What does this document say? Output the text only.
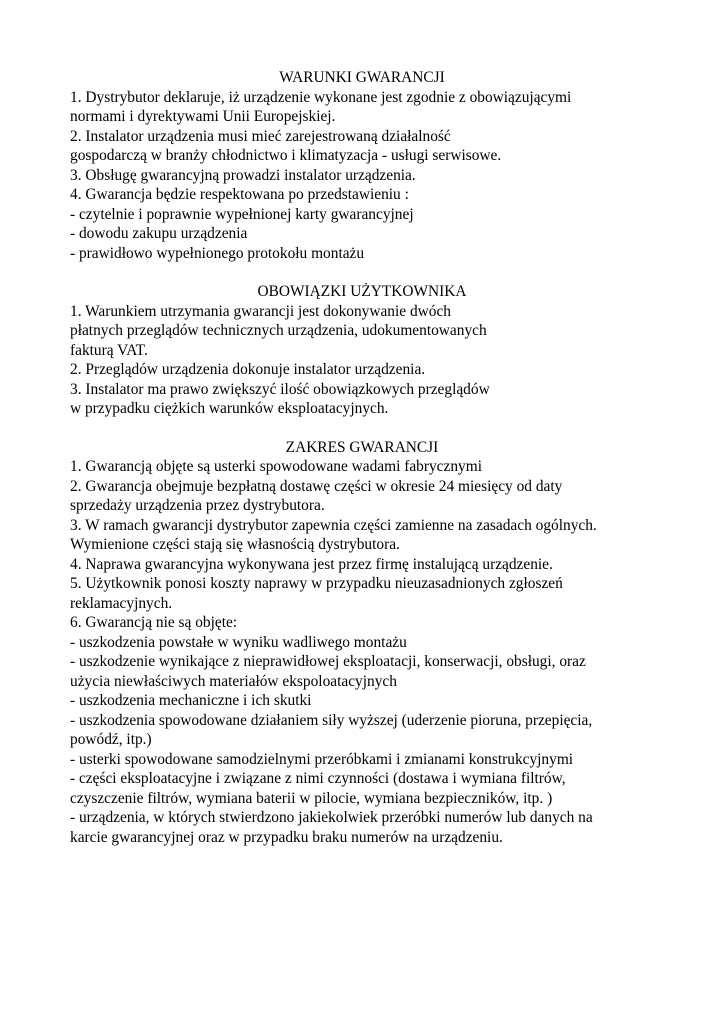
WARUNKI GWARANCJI
1. Dystrybutor deklaruje, iż urządzenie wykonane jest zgodnie z obowiązującymi
normami i dyrektywami Unii Europejskiej.
2. Instalator urządzenia musi mieć zarejestrowaną działalność
gospodarczą w branży chłodnictwo i klimatyzacja - usługi serwisowe.
3. Obsługę gwarancyjną prowadzi instalator urządzenia.
4. Gwarancja będzie respektowana po przedstawieniu :
- czytelnie i poprawnie wypełnionej karty gwarancyjnej
- dowodu zakupu urządzenia
- prawidłowo wypełnionego protokołu montażu
OBOWIĄZKI UŻYTKOWNIKA
1. Warunkiem utrzymania gwarancji jest dokonywanie dwóch
płatnych przeglądów technicznych urządzenia, udokumentowanych
fakturą VAT.
2. Przeglądów urządzenia dokonuje instalator urządzenia.
3. Instalator ma prawo zwiększyć ilość obowiązkowych przeglądów
w przypadku ciężkich warunków eksploatacyjnych.
ZAKRES GWARANCJI
1. Gwarancją objęte są usterki spowodowane wadami fabrycznymi
2. Gwarancja obejmuje bezpłatną dostawę części w okresie 24 miesięcy od daty
sprzedaży urządzenia przez dystrybutora.
3. W ramach gwarancji dystrybutor zapewnia części zamienne na zasadach ogólnych.
Wymienione części stają się własnością dystrybutora.
4. Naprawa gwarancyjna wykonywana jest przez firmę instalującą urządzenie.
5. Użytkownik ponosi koszty naprawy w przypadku nieuzasadnionych zgłoszeń
reklamacyjnych.
6. Gwarancją nie są objęte:
- uszkodzenia powstałe w wyniku wadliwego montażu
- uszkodzenie wynikające z nieprawidłowej eksploatacji, konserwacji, obsługi, oraz
użycia niewłaściwych materiałów ekspoloatacyjnych
- uszkodzenia mechaniczne i ich skutki
- uszkodzenia spowodowane działaniem siły wyższej (uderzenie pioruna, przepięcia,
powódź, itp.)
- usterki spowodowane samodzielnymi przeróbkami i zmianami konstrukcyjnymi
- części eksploatacyjne i związane z nimi czynności (dostawa i wymiana filtrów,
czyszczenie filtrów, wymiana baterii w pilocie, wymiana bezpieczników, itp. )
- urządzenia, w których stwierdzono jakiekolwiek przeróbki numerów lub danych na
karcie gwarancyjnej oraz w przypadku braku numerów na urządzeniu.
